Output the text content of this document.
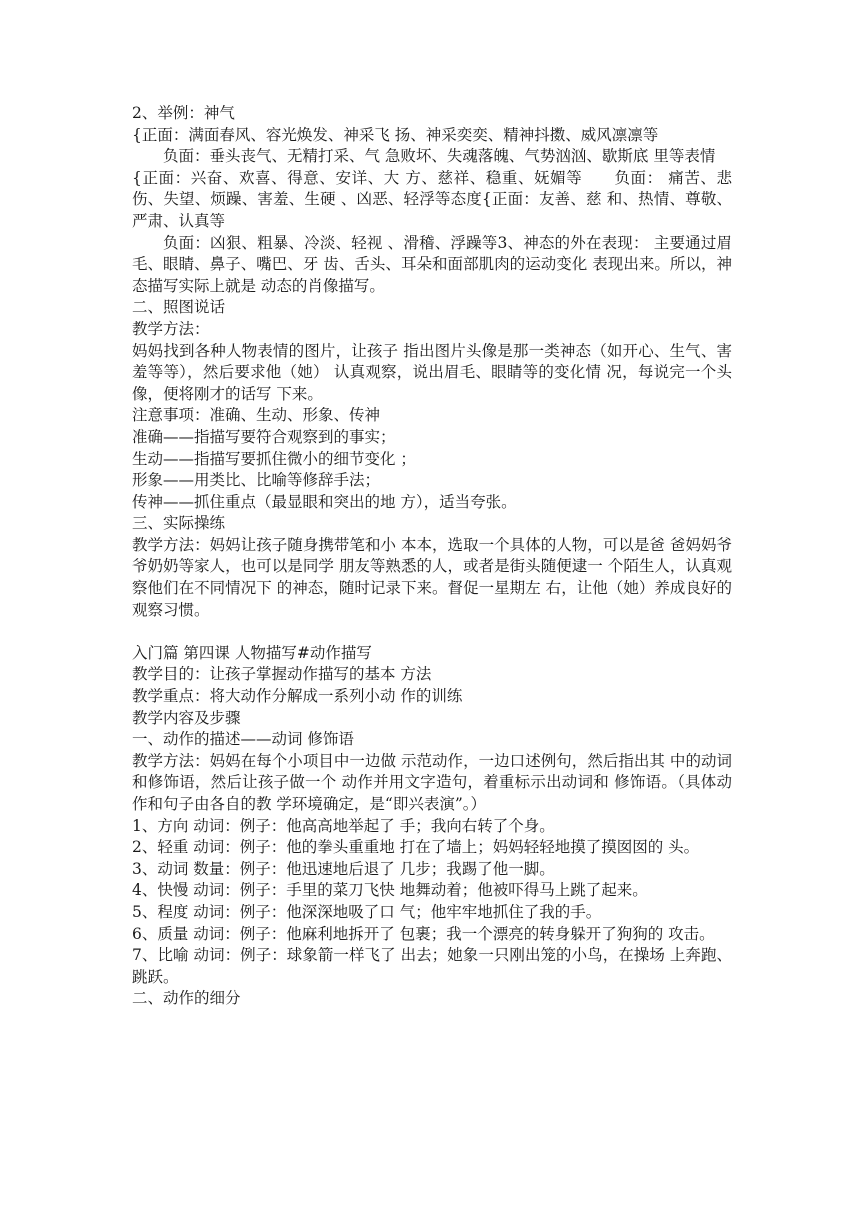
2、举例：神气

{正面：满面春风、容光焕发、神采飞 扬、神采奕奕、精神抖擞、威风凛凛等

负面：垂头丧气、无精打采、气 急败坏、失魂落魄、气势汹汹、歇斯底 里等表情

{正面：兴奋、欢喜、得意、安详、大 方、慈祥、稳重、妩媚等　　负面： 痛苦、悲伤、失望、烦躁、害羞、生硬 、凶恶、轻浮等态度{正面：友善、慈 和、热情、尊敬、严肃、认真等

负面：凶狠、粗暴、冷淡、轻视 、滑稽、浮躁等3、神态的外在表现： 主要通过眉毛、眼睛、鼻子、嘴巴、牙 齿、舌头、耳朵和面部肌肉的运动变化 表现出来。所以，神态描写实际上就是 动态的肖像描写。

二、照图说话

教学方法：

妈妈找到各种人物表情的图片，让孩子 指出图片头像是那一类神态（如开心、生气、害羞等等），然后要求他（她） 认真观察，说出眉毛、眼睛等的变化情 况，每说完一个头像，便将刚才的话写 下来。

注意事项：准确、生动、形象、传神

准确——指描写要符合观察到的事实；

生动——指描写要抓住微小的细节变化 ；

形象——用类比、比喻等修辞手法；

传神——抓住重点（最显眼和突出的地 方），适当夸张。

三、实际操练

教学方法：妈妈让孩子随身携带笔和小 本本，选取一个具体的人物，可以是爸 爸妈妈爷爷奶奶等家人，也可以是同学 朋友等熟悉的人，或者是街头随便逮一 个陌生人，认真观察他们在不同情况下 的神态，随时记录下来。督促一星期左 右，让他（她）养成良好的观察习惯。

入门篇 第四课 人物描写#动作描写

教学目的：让孩子掌握动作描写的基本 方法

教学重点：将大动作分解成一系列小动 作的训练

教学内容及步骤

一、动作的描述——动词 修饰语

教学方法：妈妈在每个小项目中一边做 示范动作，一边口述例句，然后指出其 中的动词和修饰语，然后让孩子做一个 动作并用文字造句，着重标示出动词和 修饰语。（具体动作和句子由各自的教 学环境确定，是“即兴表演”。）

1、方向 动词：例子：他高高地举起了 手；我向右转了个身。

2、轻重 动词：例子：他的拳头重重地 打在了墙上；妈妈轻轻地摸了摸囡囡的 头。

3、动词 数量：例子：他迅速地后退了 几步；我踢了他一脚。

4、快慢 动词：例子：手里的菜刀飞快 地舞动着；他被吓得马上跳了起来。

5、程度 动词：例子：他深深地吸了口 气；他牢牢地抓住了我的手。

6、质量 动词：例子：他麻利地拆开了 包裹；我一个漂亮的转身躲开了狗狗的 攻击。

7、比喻 动词：例子：球象箭一样飞了 出去；她象一只刚出笼的小鸟，在操场 上奔跑、跳跃。

二、动作的细分
